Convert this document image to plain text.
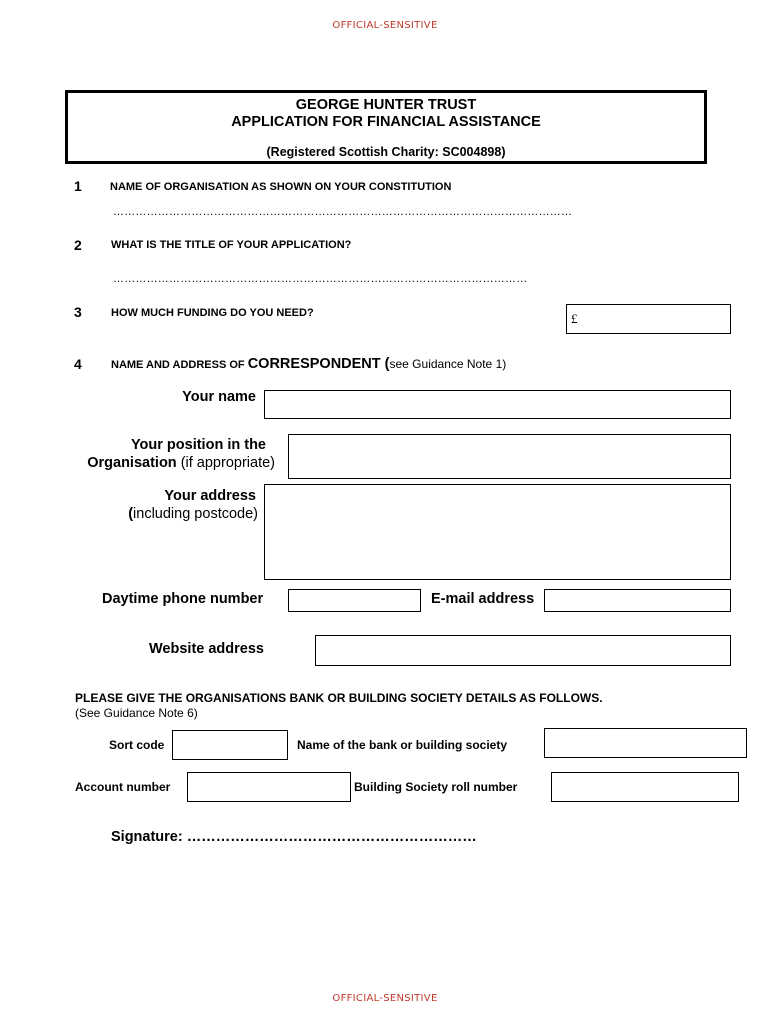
OFFICIAL-SENSITIVE
GEORGE HUNTER TRUST
APPLICATION FOR FINANCIAL ASSISTANCE
(Registered Scottish Charity: SC004898)
1	NAME OF ORGANISATION AS SHOWN ON YOUR CONSTITUTION
……………………………………………………………………………………………………………
2	WHAT IS THE TITLE OF YOUR APPLICATION?
…………………………………………………………………………………………………
3	HOW MUCH FUNDING DO YOU NEED?
£
4	NAME AND ADDRESS OF CORRESPONDENT (see Guidance Note 1)
Your name
Your position in the
Organisation (if appropriate)
Your address
(including postcode)
Daytime phone number	E-mail address
Website address
PLEASE GIVE THE ORGANISATIONS BANK OR BUILDING SOCIETY DETAILS AS FOLLOWS.
(See Guidance Note 6)
Sort code	Name of the bank or building society
Account number	Building Society roll number
Signature: ……………………………………………………
OFFICIAL-SENSITIVE
